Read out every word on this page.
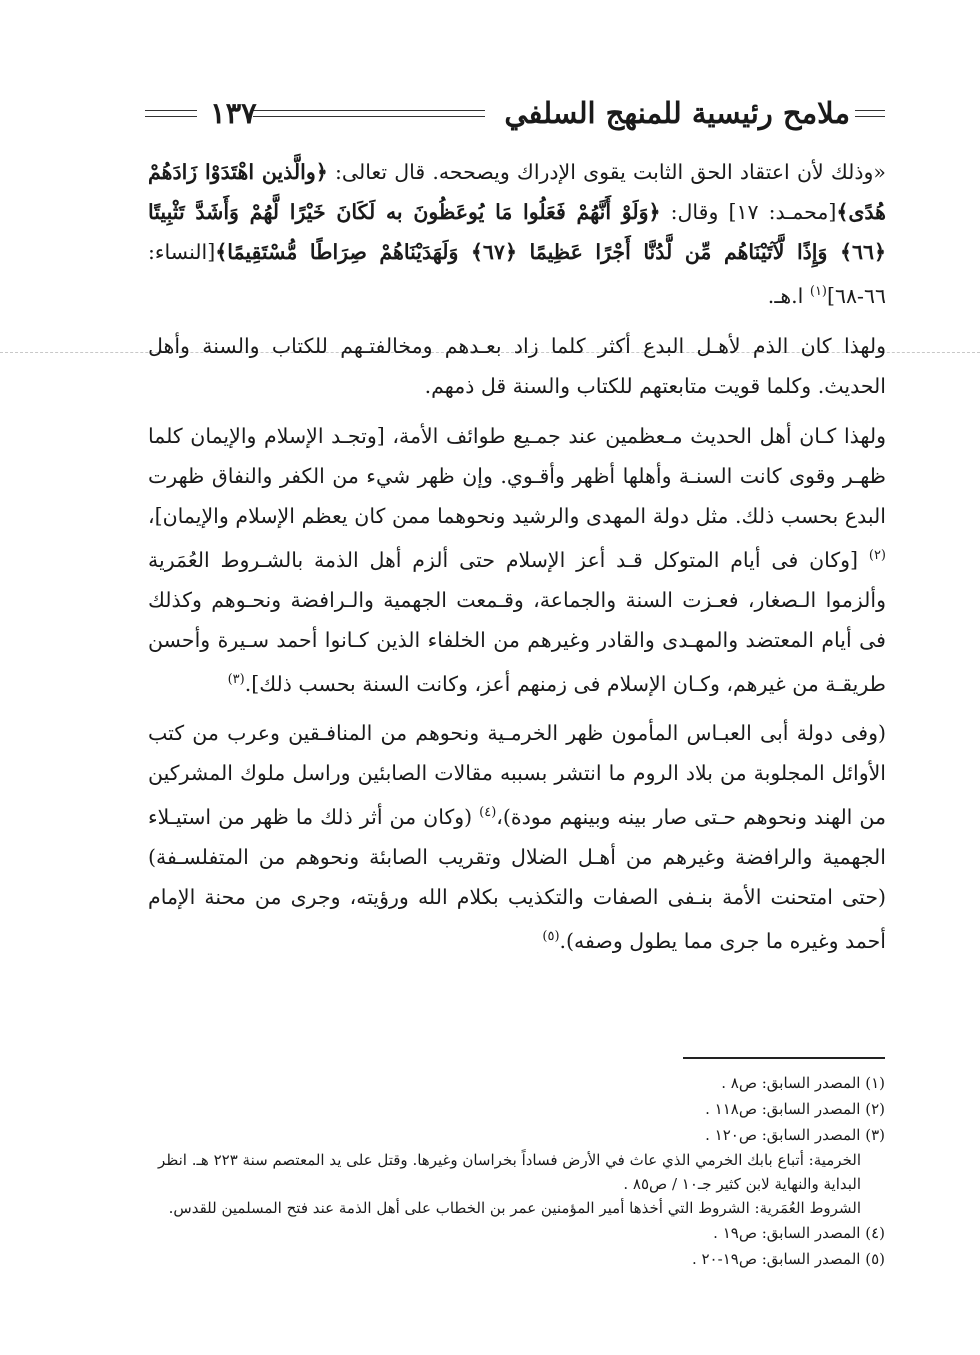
ملامح رئيسية للمنهج السلفي
١٣٧

«وذلك لأن اعتقاد الحق الثابت يقوى الإدراك ويصححه. قال تعالى: ﴿والَّذين اهْتَدَوْا زَادَهُمْ هُدًى﴾[محمـد: ١٧] وقال: ﴿وَلَوْ أَنَّهُمْ فَعَلُوا مَا يُوعَظُونَ به لَكَانَ خَيْرًا لَّهُمْ وَأَشَدَّ تَثْبِيتًا ﴿٦٦﴾ وَإِذًا لَّآتَيْنَاهُم مِّن لَّدُنَّا أَجْرًا عَظِيمًا ﴿٦٧﴾ وَلَهَدَيْنَاهُمْ صِرَاطًا مُّسْتَقِيمًا﴾[النساء: ٦٦-٦٨]$^{(١)}$ ا.هـ.

ولهذا كان الذم لأهـل البدع أكثر كلما زاد بعـدهم ومخالفتـهم للكتاب والسنة وأهل الحديث. وكلما قويت متابعتهم للكتاب والسنة قل ذمهم.

ولهذا كـان أهل الحديث مـعظمين عند جمـيع طوائف الأمة، [وتجـد الإسلام والإيمان كلما ظهـر وقوى كانت السنـة وأهلها أظهر وأقـوي. وإن ظهر شيء من الكفر والنفاق ظهرت البدع بحسب ذلك. مثل دولة المهدى والرشيد ونحوهما ممن كان يعظم الإسلام والإيمان]،$^{(٢)}$ [وكان فى أيام المتوكل قـد أعز الإسلام حتى ألزم أهل الذمة بالشـروط العُمَرية وألزموا الـصغار، فعـزت السنة والجماعة، وقـمعت الجهمية والـرافضة ونحـوهم وكذلك فى أيام المعتضد والمهـدى والقادر وغيرهم من الخلفاء الذين كـانوا أحمد سـيرة وأحسن طريقـة من غيرهم، وكـان الإسلام فى زمنهم أعز، وكانت السنة بحسب ذلك].$^{(٣)}$

(وفى دولة أبى العبـاس المأمون ظهر الخرمـية ونحوهم من المنافـقين وعرب من كتب الأوائل المجلوبة من بلاد الروم ما انتشر بسببه مقالات الصابئين وراسل ملوك المشركين من الهند ونحوهم حـتى صار بينه وبينهم مودة)،$^{(٤)}$ (وكان من أثر ذلك ما ظهر من استيـلاء الجهمية والرافضة وغيرهم من أهـل الضلال وتقريب الصابئة ونحوهم من المتفلسـفة) (حتى امتحنت الأمة بنـفى الصفات والتكذيب بكلام الله ورؤيته، وجرى من محنة الإمام أحمد وغيره ما جرى مما يطول وصفه).$^{(٥)}$

(١) المصدر السابق: ص٨ .

(٢) المصدر السابق: ص١١٨ .

(٣) المصدر السابق: ص١٢٠ .

الخرمية: أتباع بابك الخرمي الذي عاث في الأرض فساداً بخراسان وغيرها. وقتل على يد المعتصم سنة ٢٢٣ هـ. انظر البداية والنهاية لابن كثير جـ١٠ / ص٨٥ .

الشروط العُمَرية: الشروط التي أخذها أمير المؤمنين عمر بن الخطاب على أهل الذمة عند فتح المسلمين للقدس.

(٤) المصدر السابق: ص١٩ .

(٥) المصدر السابق: ص١٩-٢٠ .
